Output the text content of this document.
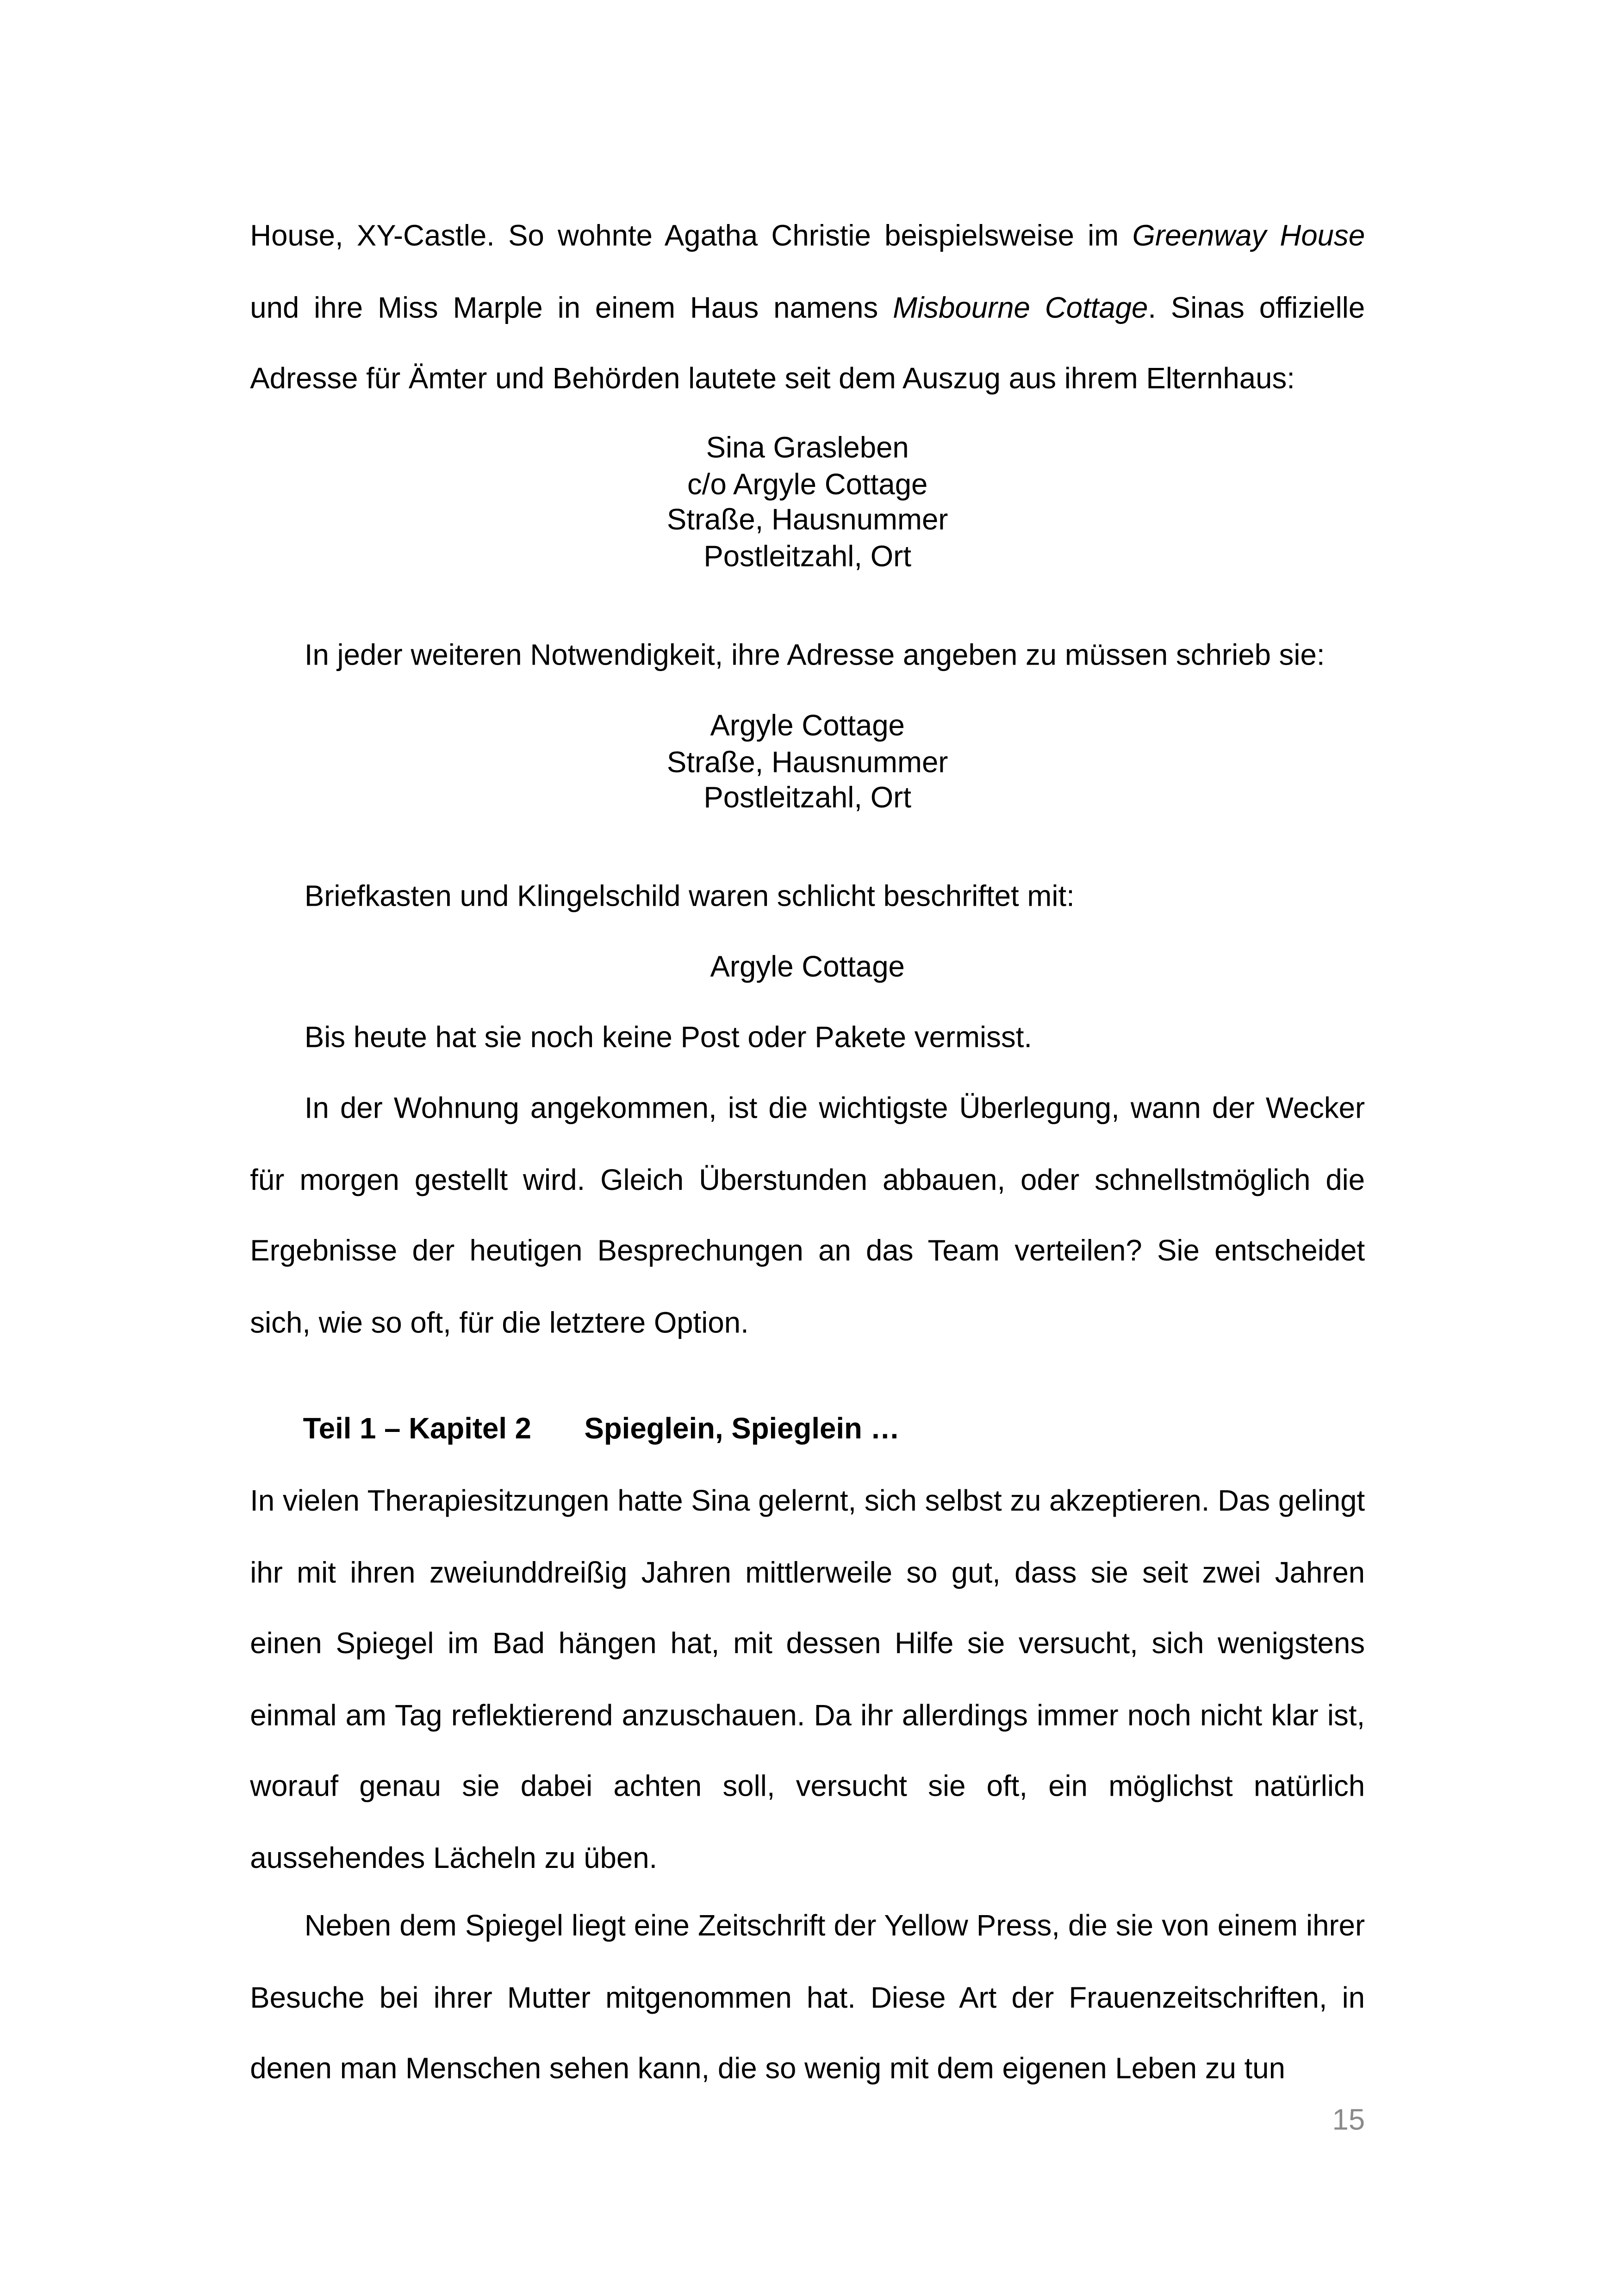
House, XY-Castle. So wohnte Agatha Christie beispielsweise im Greenway House

und ihre Miss Marple in einem Haus namens Misbourne Cottage. Sinas offizielle

Adresse für Ämter und Behörden lautete seit dem Auszug aus ihrem Elternhaus:

Sina Grasleben
c/o Argyle Cottage
Straße, Hausnummer
Postleitzahl, Ort

In jeder weiteren Notwendigkeit, ihre Adresse angeben zu müssen schrieb sie:

Argyle Cottage
Straße, Hausnummer
Postleitzahl, Ort

Briefkasten und Klingelschild waren schlicht beschriftet mit:

Argyle Cottage

Bis heute hat sie noch keine Post oder Pakete vermisst.

In der Wohnung angekommen, ist die wichtigste Überlegung, wann der Wecker für morgen gestellt wird. Gleich Überstunden abbauen, oder schnellstmöglich die Ergebnisse der heutigen Besprechungen an das Team verteilen? Sie entscheidet sich, wie so oft, für die letztere Option.

Teil 1 – Kapitel 2	Spieglein, Spieglein …

In vielen Therapiesitzungen hatte Sina gelernt, sich selbst zu akzeptieren. Das gelingt ihr mit ihren zweiunddreißig Jahren mittlerweile so gut, dass sie seit zwei Jahren einen Spiegel im Bad hängen hat, mit dessen Hilfe sie versucht, sich wenigstens einmal am Tag reflektierend anzuschauen. Da ihr allerdings immer noch nicht klar ist, worauf genau sie dabei achten soll, versucht sie oft, ein möglichst natürlich aussehendes Lächeln zu üben.

Neben dem Spiegel liegt eine Zeitschrift der Yellow Press, die sie von einem ihrer Besuche bei ihrer Mutter mitgenommen hat. Diese Art der Frauenzeitschriften, in denen man Menschen sehen kann, die so wenig mit dem eigenen Leben zu tun

15
